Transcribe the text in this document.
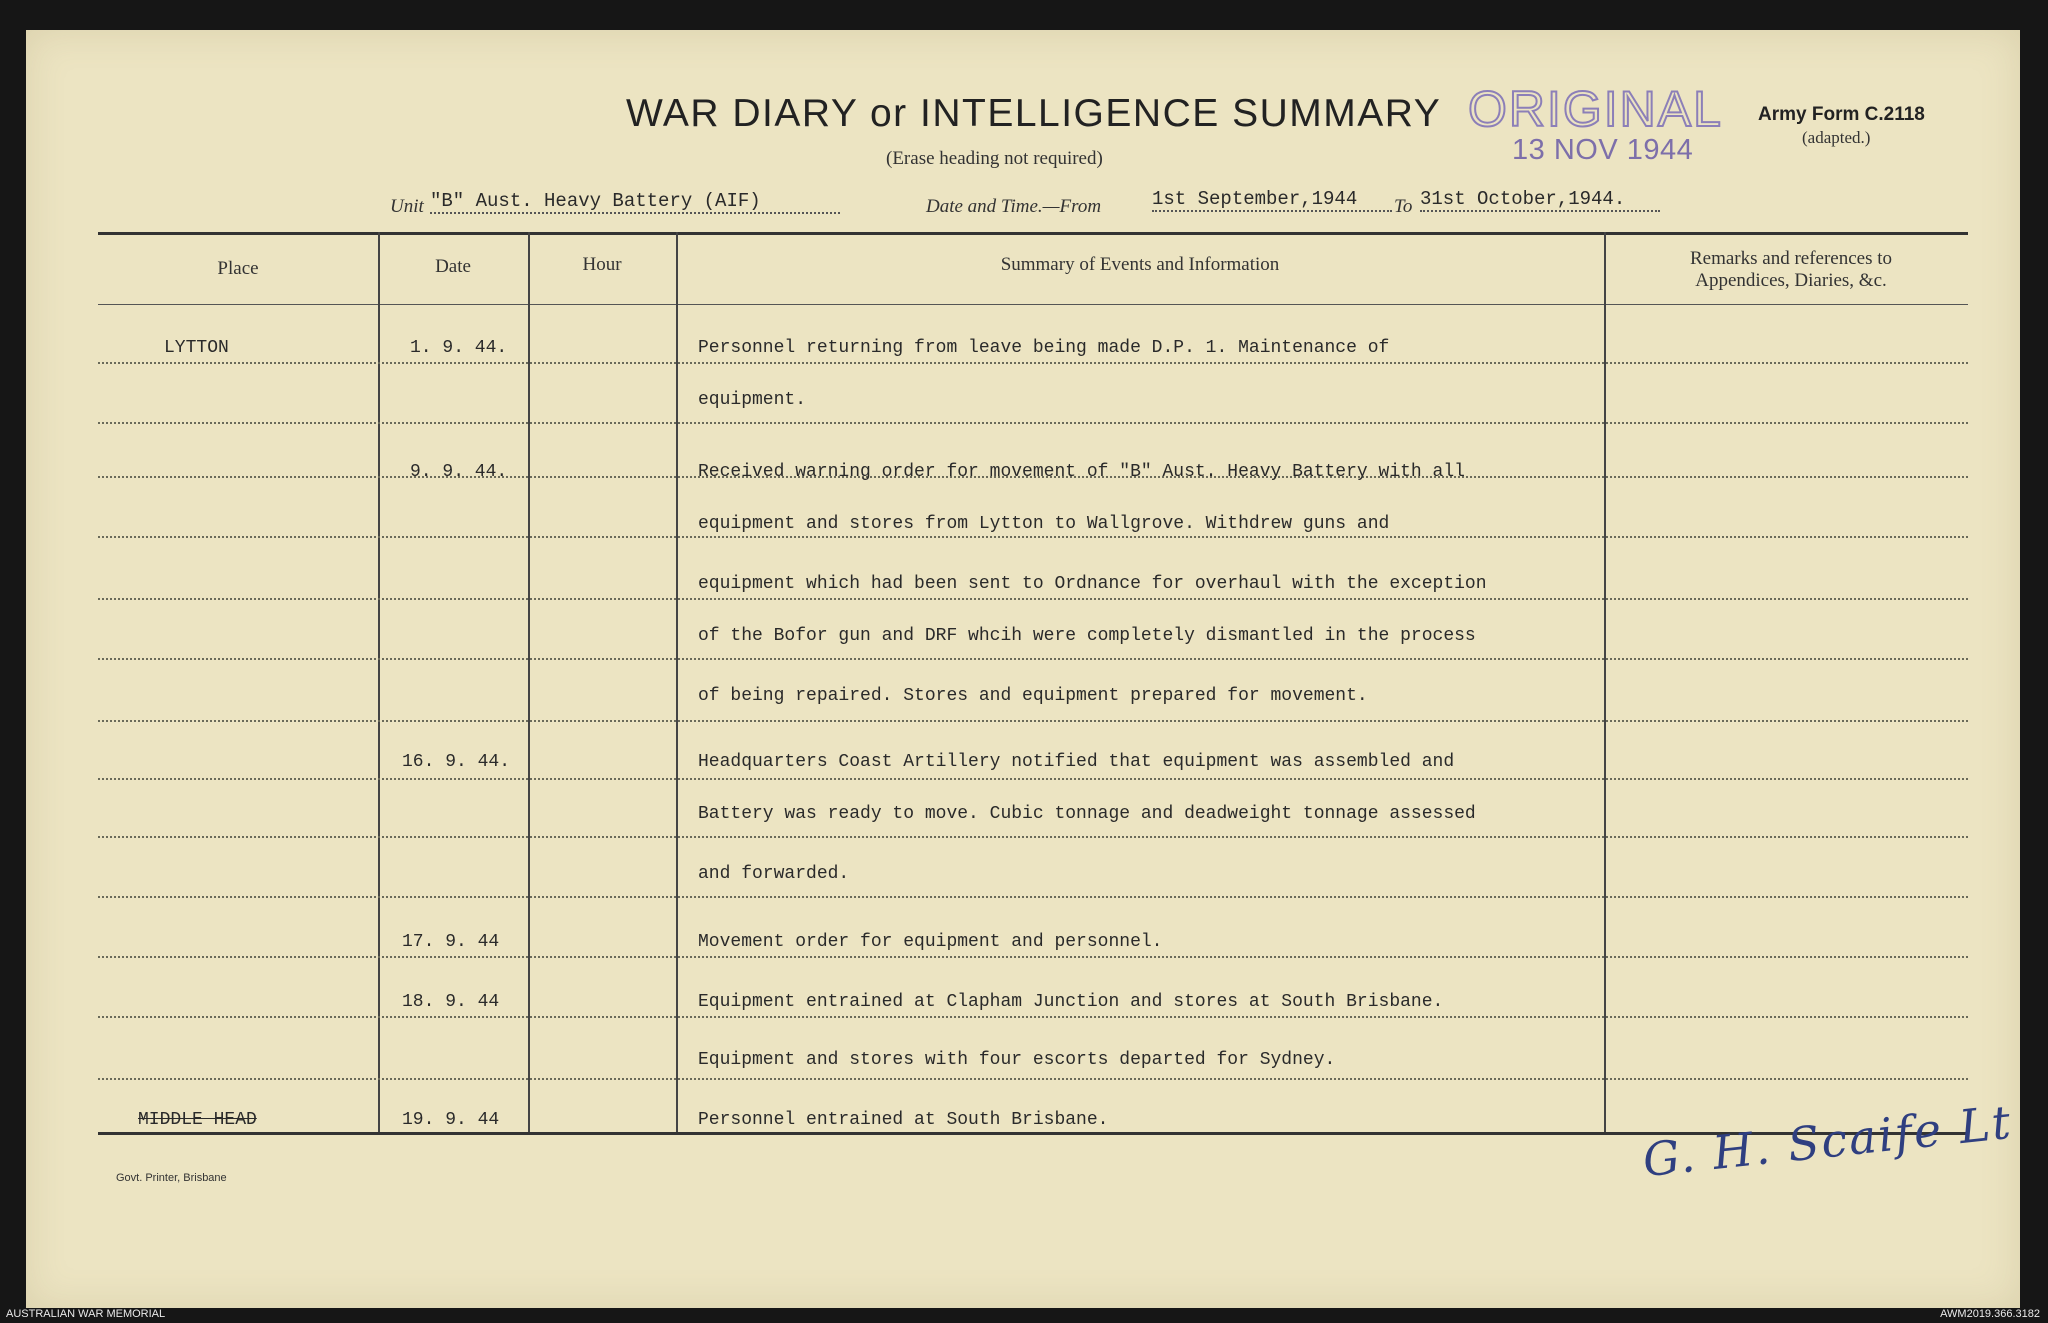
WAR DIARY or INTELLIGENCE SUMMARY
(Erase heading not required)
ORIGINAL
13 NOV 1944
Army Form C.2118
(adapted.)
Unit "B" Aust. Heavy Battery (AIF)	Date and Time.—From	1st September,1944	To 31st October,1944.
Place	Date	Hour	Summary of Events and Information	Remarks and references to Appendices, Diaries, &c.
LYTTON	1. 9. 44.	Personnel returning from leave being made D.P. 1. Maintenance of
equipment.
9. 9. 44.	Received warning order for movement of "B" Aust. Heavy Battery with all
equipment and stores from Lytton to Wallgrove. Withdrew guns and
equipment which had been sent to Ordnance for overhaul with the exception
of the Bofor gun and DRF whcih were completely dismantled in the process
of being repaired. Stores and equipment prepared for movement.
16. 9. 44.	Headquarters Coast Artillery notified that equipment was assembled and
Battery was ready to move. Cubic tonnage and deadweight tonnage assessed
and forwarded.
17. 9. 44	Movement order for equipment and personnel.
18. 9. 44	Equipment entrained at Clapham Junction and stores at South Brisbane.
Equipment and stores with four escorts departed for Sydney.
MIDDLE HEAD	19. 9. 44	Personnel entrained at South Brisbane.	G. H. Scaife Lt
Govt. Printer, Brisbane
AUSTRALIAN WAR MEMORIAL	AWM2019.366.3182
